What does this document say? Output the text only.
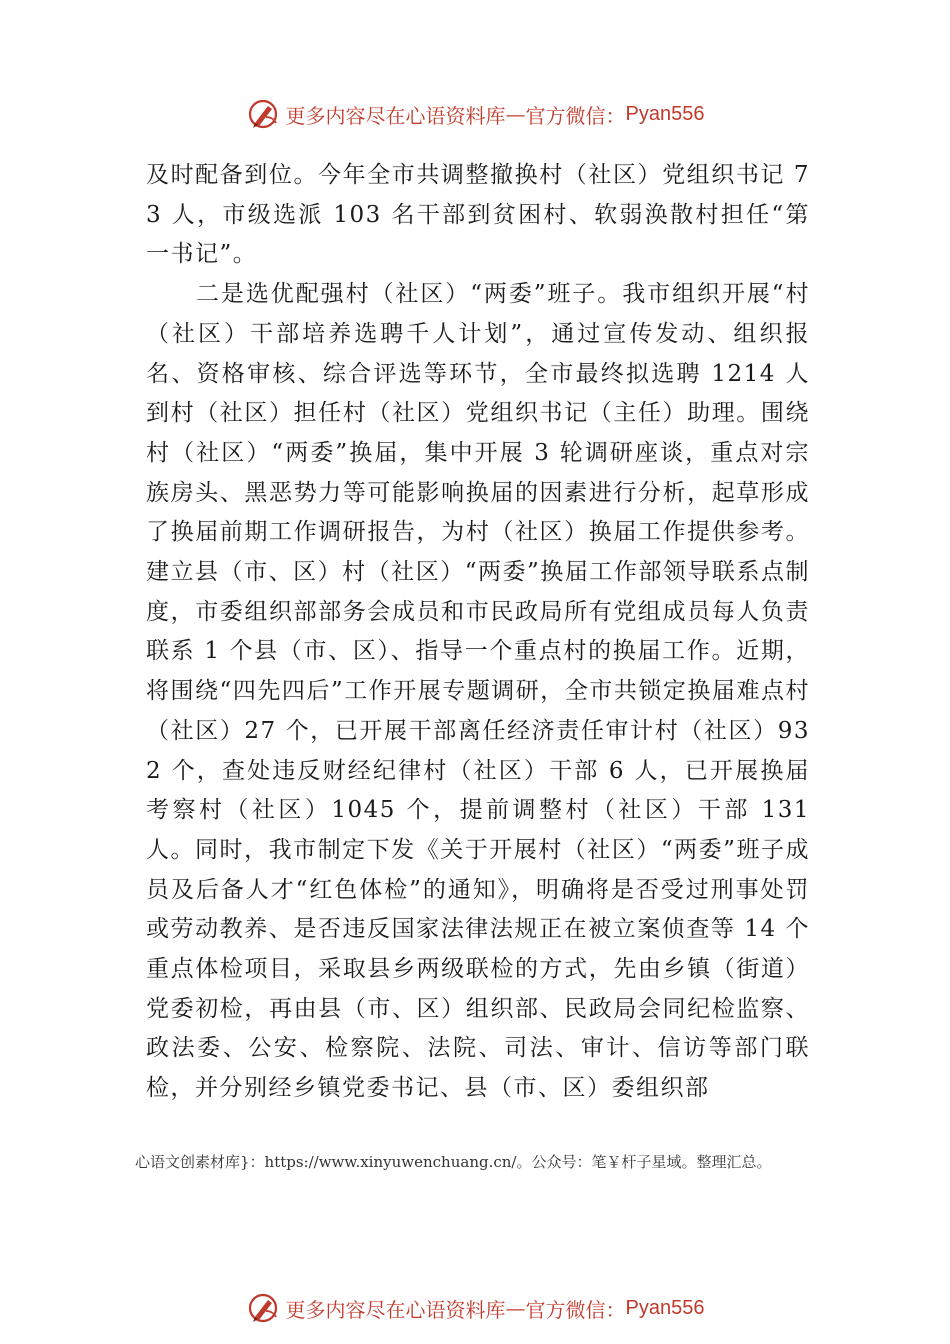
更多内容尽在心语资料库 — 官方微信： Pyan556

及时配备到位。今年全市共调整撤换村（社区）党组织书记 73 人，市级选派 103 名干部到贫困村、软弱涣散村担任“第一书记”。

二是选优配强村（社区）“两委”班子。我市组织开展“村（社区）干部培养选聘千人计划”，通过宣传发动、组织报名、资格审核、综合评选等环节，全市最终拟选聘 1214 人到村（社区）担任村（社区）党组织书记（主任）助理。围绕村（社区）“两委”换届，集中开展 3 轮调研座谈，重点对宗族房头、黑恶势力等可能影响换届的因素进行分析，起草形成了换届前期工作调研报告，为村（社区）换届工作提供参考。建立县（市、区）村（社区）“两委”换届工作部领导联系点制度，市委组织部部务会成员和市民政局所有党组成员每人负责联系 1 个县（市、区）、指导一个重点村的换届工作。近期，将围绕“四先四后”工作开展专题调研，全市共锁定换届难点村（社区）27 个，已开展干部离任经济责任审计村（社区）932 个，查处违反财经纪律村（社区）干部 6 人，已开展换届考察村（社区）1045 个，提前调整村（社区）干部 131 人。同时，我市制定下发《关于开展村（社区）“两委”班子成员及后备人才“红色体检”的通知》，明确将是否受过刑事处罚或劳动教养、是否违反国家法律法规正在被立案侦查等 14 个重点体检项目，采取县乡两级联检的方式，先由乡镇（街道）党委初检，再由县（市、区）组织部、民政局会同纪检监察、政法委、公安、检察院、法院、司法、审计、信访等部门联检，并分别经乡镇党委书记、县（市、区）委组织部

心语文创素材库}：https://www.xinyuwenchuang.cn/。公众号：笔￥杆子星域。整理汇总。
更多内容尽在心语资料库 — 官方微信： Pyan556
